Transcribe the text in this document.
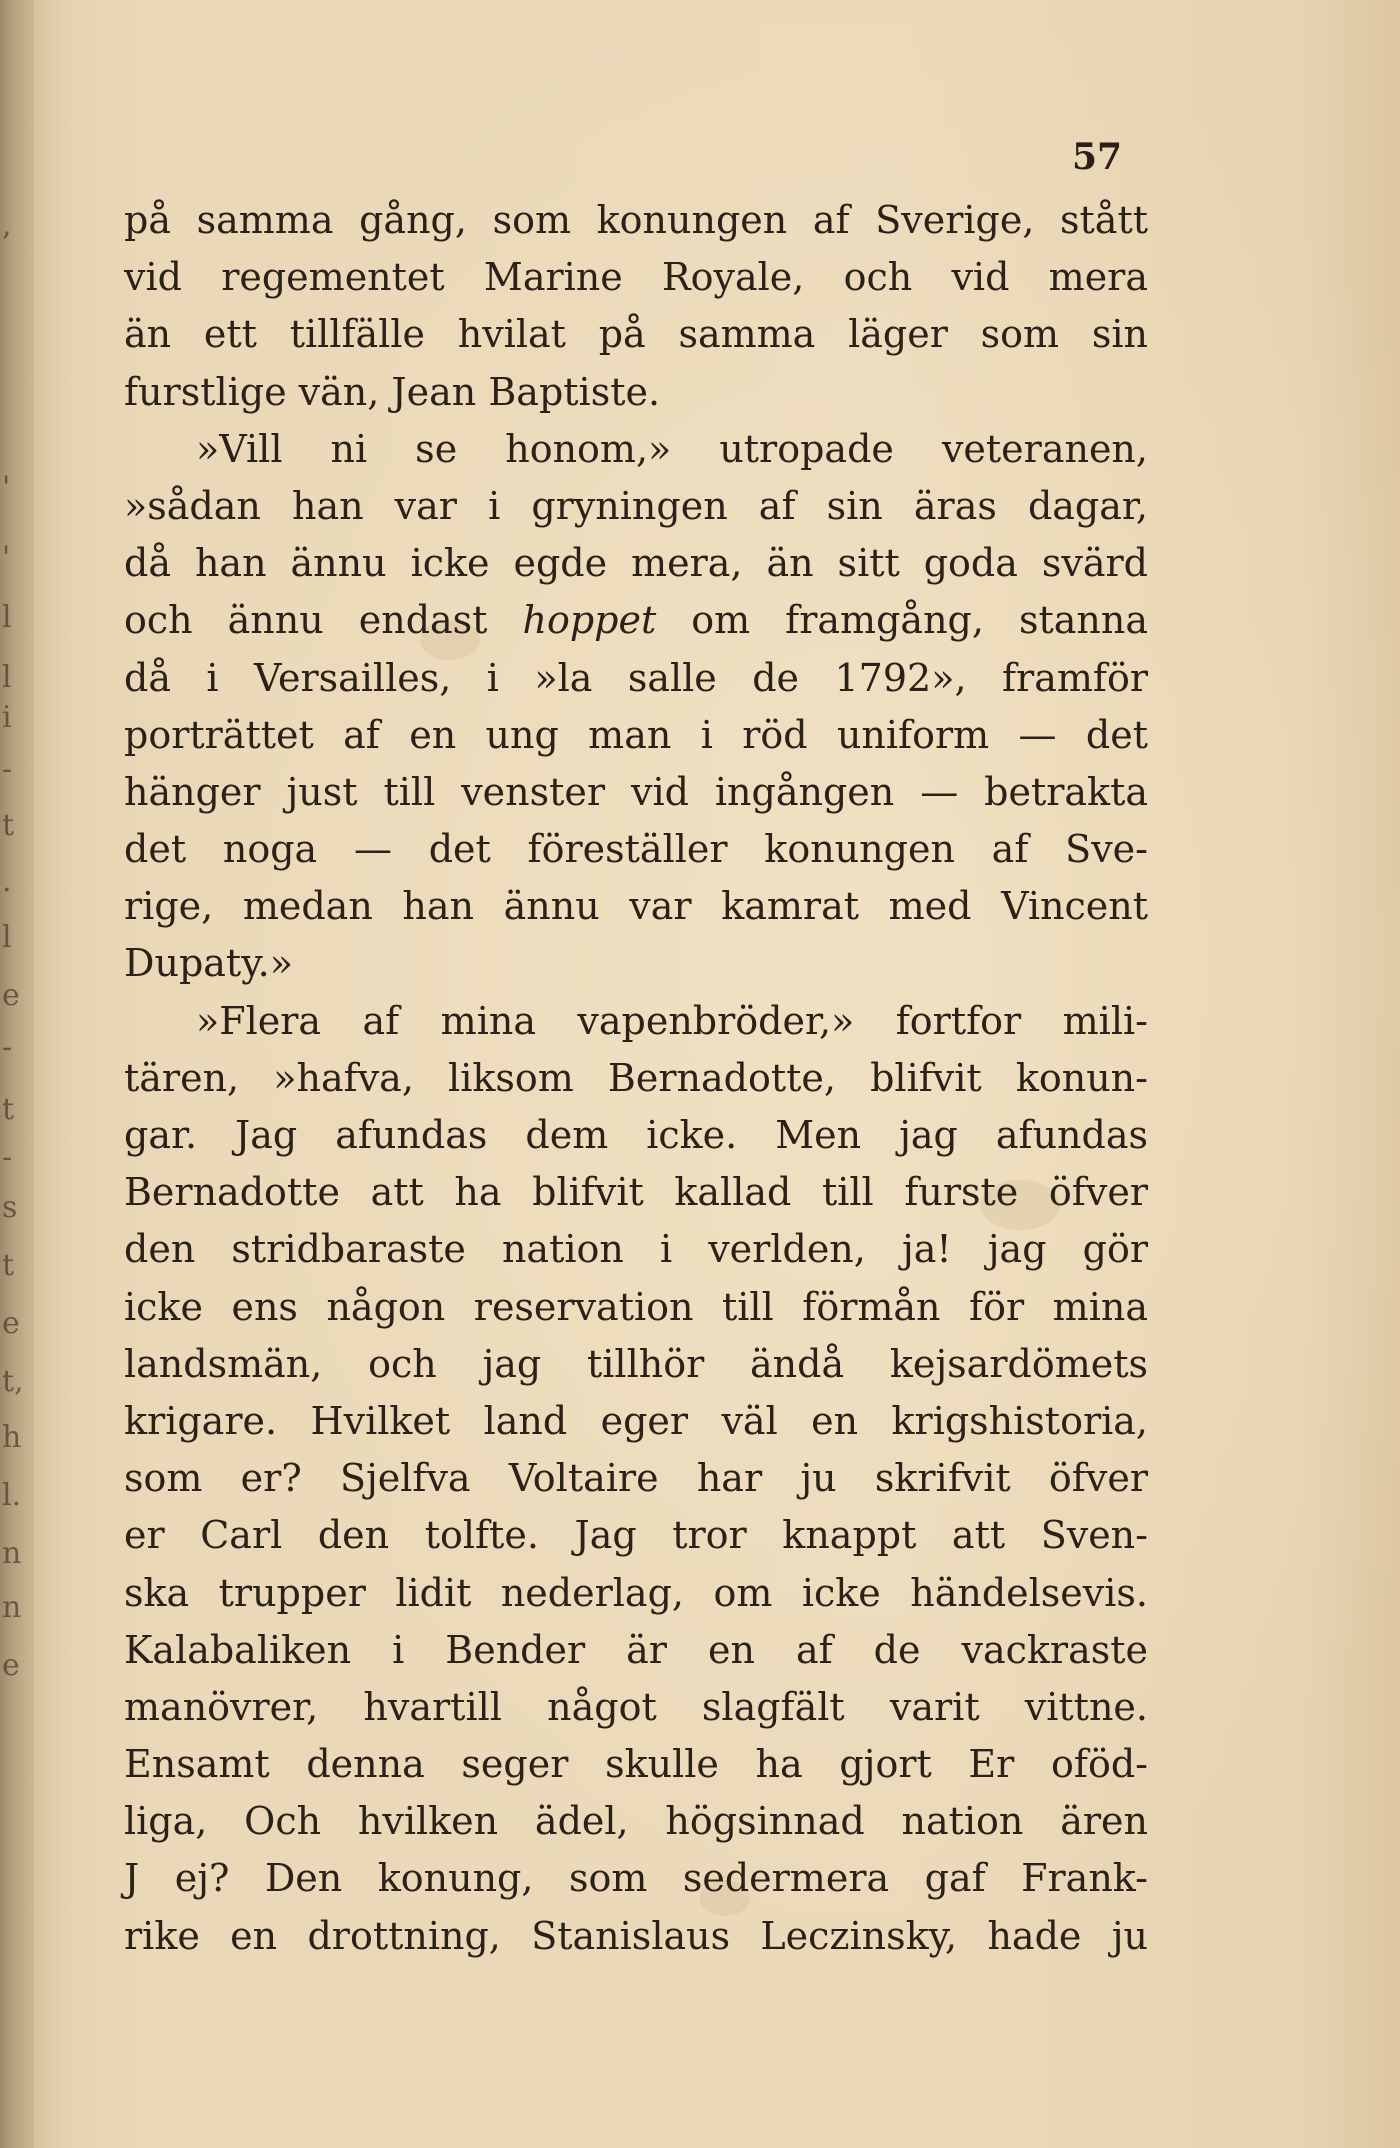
,
'
'
l
l
i
-
t
.
l
e
-
t
-
s
t
e
t,
h
l.
n
n
e
57
på samma gång, som konungen af Sverige, stått
vid regementet Marine Royale, och vid mera
än ett tillfälle hvilat på samma läger som sin
furstlige vän, Jean Baptiste.
»Vill ni se honom,» utropade veteranen,
»sådan han var i gryningen af sin äras dagar,
då han ännu icke egde mera, än sitt goda svärd
och ännu endast hoppet om framgång, stanna
då i Versailles, i »la salle de 1792», framför
porträttet af en ung man i röd uniform — det
hänger just till venster vid ingången — betrakta
det noga — det föreställer konungen af Sve-
rige, medan han ännu var kamrat med Vincent
Dupaty.»
»Flera af mina vapenbröder,» fortfor mili-
tären, »hafva, liksom Bernadotte, blifvit konun-
gar. Jag afundas dem icke. Men jag afundas
Bernadotte att ha blifvit kallad till furste öfver
den stridbaraste nation i verlden, ja! jag gör
icke ens någon reservation till förmån för mina
landsmän, och jag tillhör ändå kejsardömets
krigare. Hvilket land eger väl en krigshistoria,
som er? Sjelfva Voltaire har ju skrifvit öfver
er Carl den tolfte. Jag tror knappt att Sven-
ska trupper lidit nederlag, om icke händelsevis.
Kalabaliken i Bender är en af de vackraste
manövrer, hvartill något slagfält varit vittne.
Ensamt denna seger skulle ha gjort Er oföd-
liga, Och hvilken ädel, högsinnad nation ären
J ej? Den konung, som sedermera gaf Frank-
rike en drottning, Stanislaus Leczinsky, hade ju
